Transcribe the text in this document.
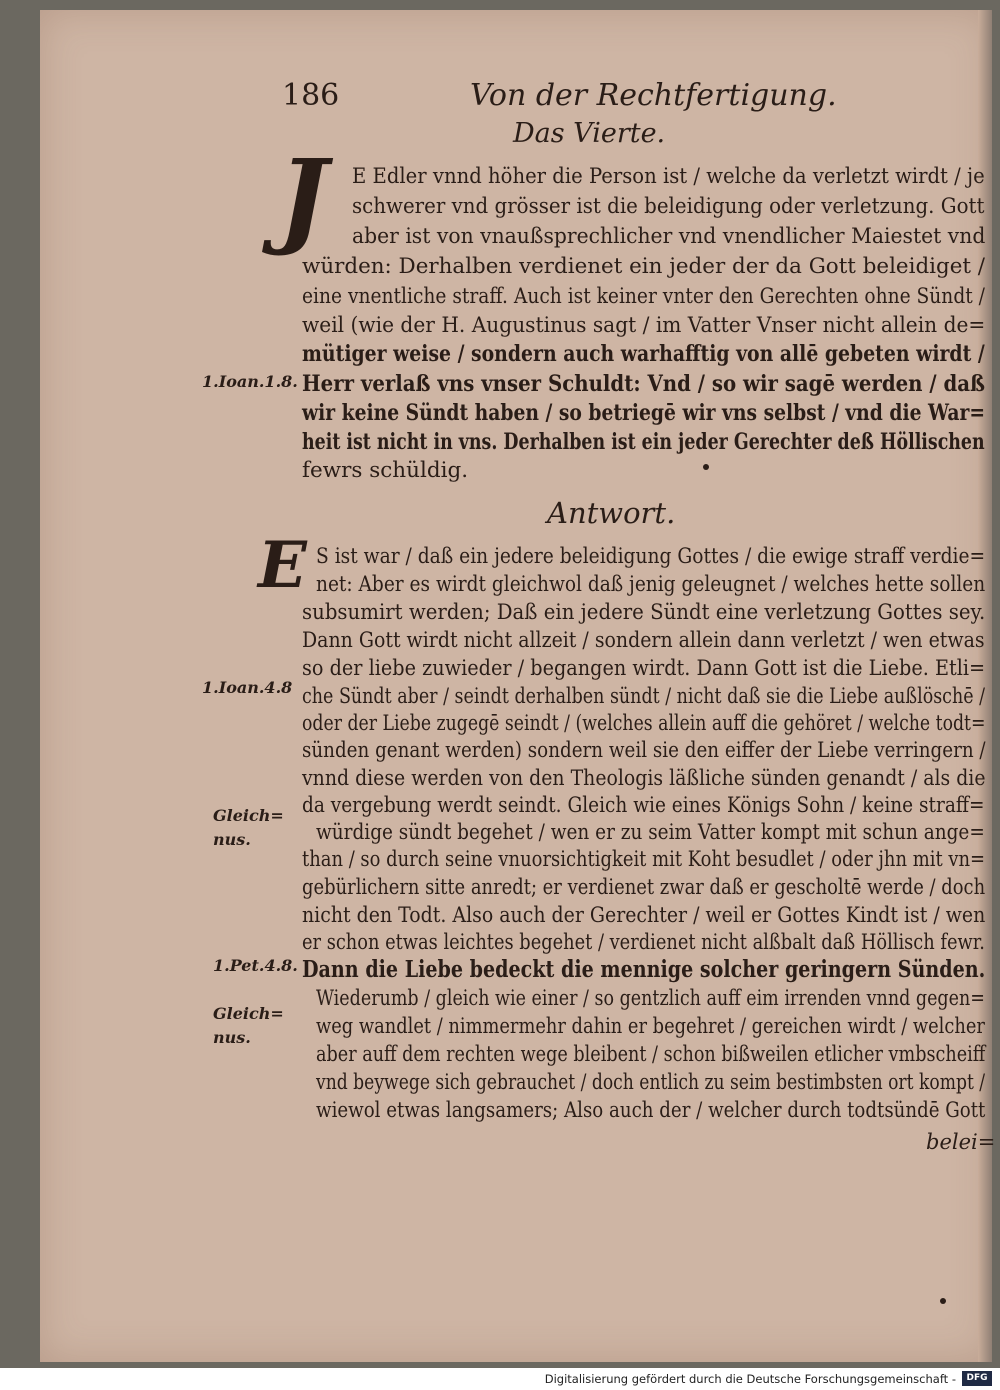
186	Von der Rechtfertigung.
Das Vierte.
J	E Edler vnnd höher die Person ist / welche da verletzt wirdt / je
schwerer vnd grösser ist die beleidigung oder verletzung. Gott
aber ist von vnaußsprechlicher vnd vnendlicher Maiestet vnd
würden: Derhalben verdienet ein jeder der da Gott beleidiget /
eine vnentliche straff. Auch ist keiner vnter den Gerechten ohne Sündt /
weil (wie der H. Augustinus sagt / im Vatter Vnser nicht allein de=
mütiger weise / sondern auch warhafftig von allē gebeten wirdt /
Herr verlaß vns vnser Schuldt: Vnd / so wir sagē werden / daß
wir keine Sündt haben / so betriegē wir vns selbst / vnd die War=
heit ist nicht in vns. Derhalben ist ein jeder Gerechter deß Höllischen
fewrs schüldig.
Antwort.
E S ist war / daß ein jedere beleidigung Gottes / die ewige straff verdie=
net: Aber es wirdt gleichwol daß jenig geleugnet / welches hette sollen
subsumirt werden; Daß ein jedere Sündt eine verletzung Gottes sey.
Dann Gott wirdt nicht allzeit / sondern allein dann verletzt / wen etwas
so der liebe zuwieder / begangen wirdt. Dann Gott ist die Liebe. Etli=
che Sündt aber / seindt derhalben sündt / nicht daß sie die Liebe außlöschē /
oder der Liebe zugegē seindt / (welches allein auff die gehöret / welche todt=
sünden genant werden) sondern weil sie den eiffer der Liebe verringern /
vnnd diese werden von den Theologis läßliche sünden genandt / als die
da vergebung werdt seindt. Gleich wie eines Königs Sohn / keine straff=
würdige sündt begehet / wen er zu seim Vatter kompt mit schun ange=
than / so durch seine vnuorsichtigkeit mit Koht besudlet / oder jhn mit vn=
gebürlichern sitte anredt; er verdienet zwar daß er gescholtē werde / doch
nicht den Todt. Also auch der Gerechter / weil er Gottes Kindt ist / wen
er schon etwas leichtes begehet / verdienet nicht alßbalt daß Höllisch fewr.
Dann die Liebe bedeckt die mennige solcher geringern Sünden.
Wiederumb / gleich wie einer / so gentzlich auff eim irrenden vnnd gegen=
weg wandlet / nimmermehr dahin er begehret / gereichen wirdt / welcher
aber auff dem rechten wege bleibent / schon bißweilen etlicher vmbscheiff
vnd beywege sich gebrauchet / doch entlich zu seim bestimbsten ort kompt /
wiewol etwas langsamers; Also auch der / welcher durch todtsündē Gott
belei=
1.Ioan.1.8.
1.Ioan.4.8
Gleich=
nus.
1.Pet.4.8.
Gleich=
nus.
Digitalisierung gefördert durch die Deutsche Forschungsgemeinschaft -	DFG
